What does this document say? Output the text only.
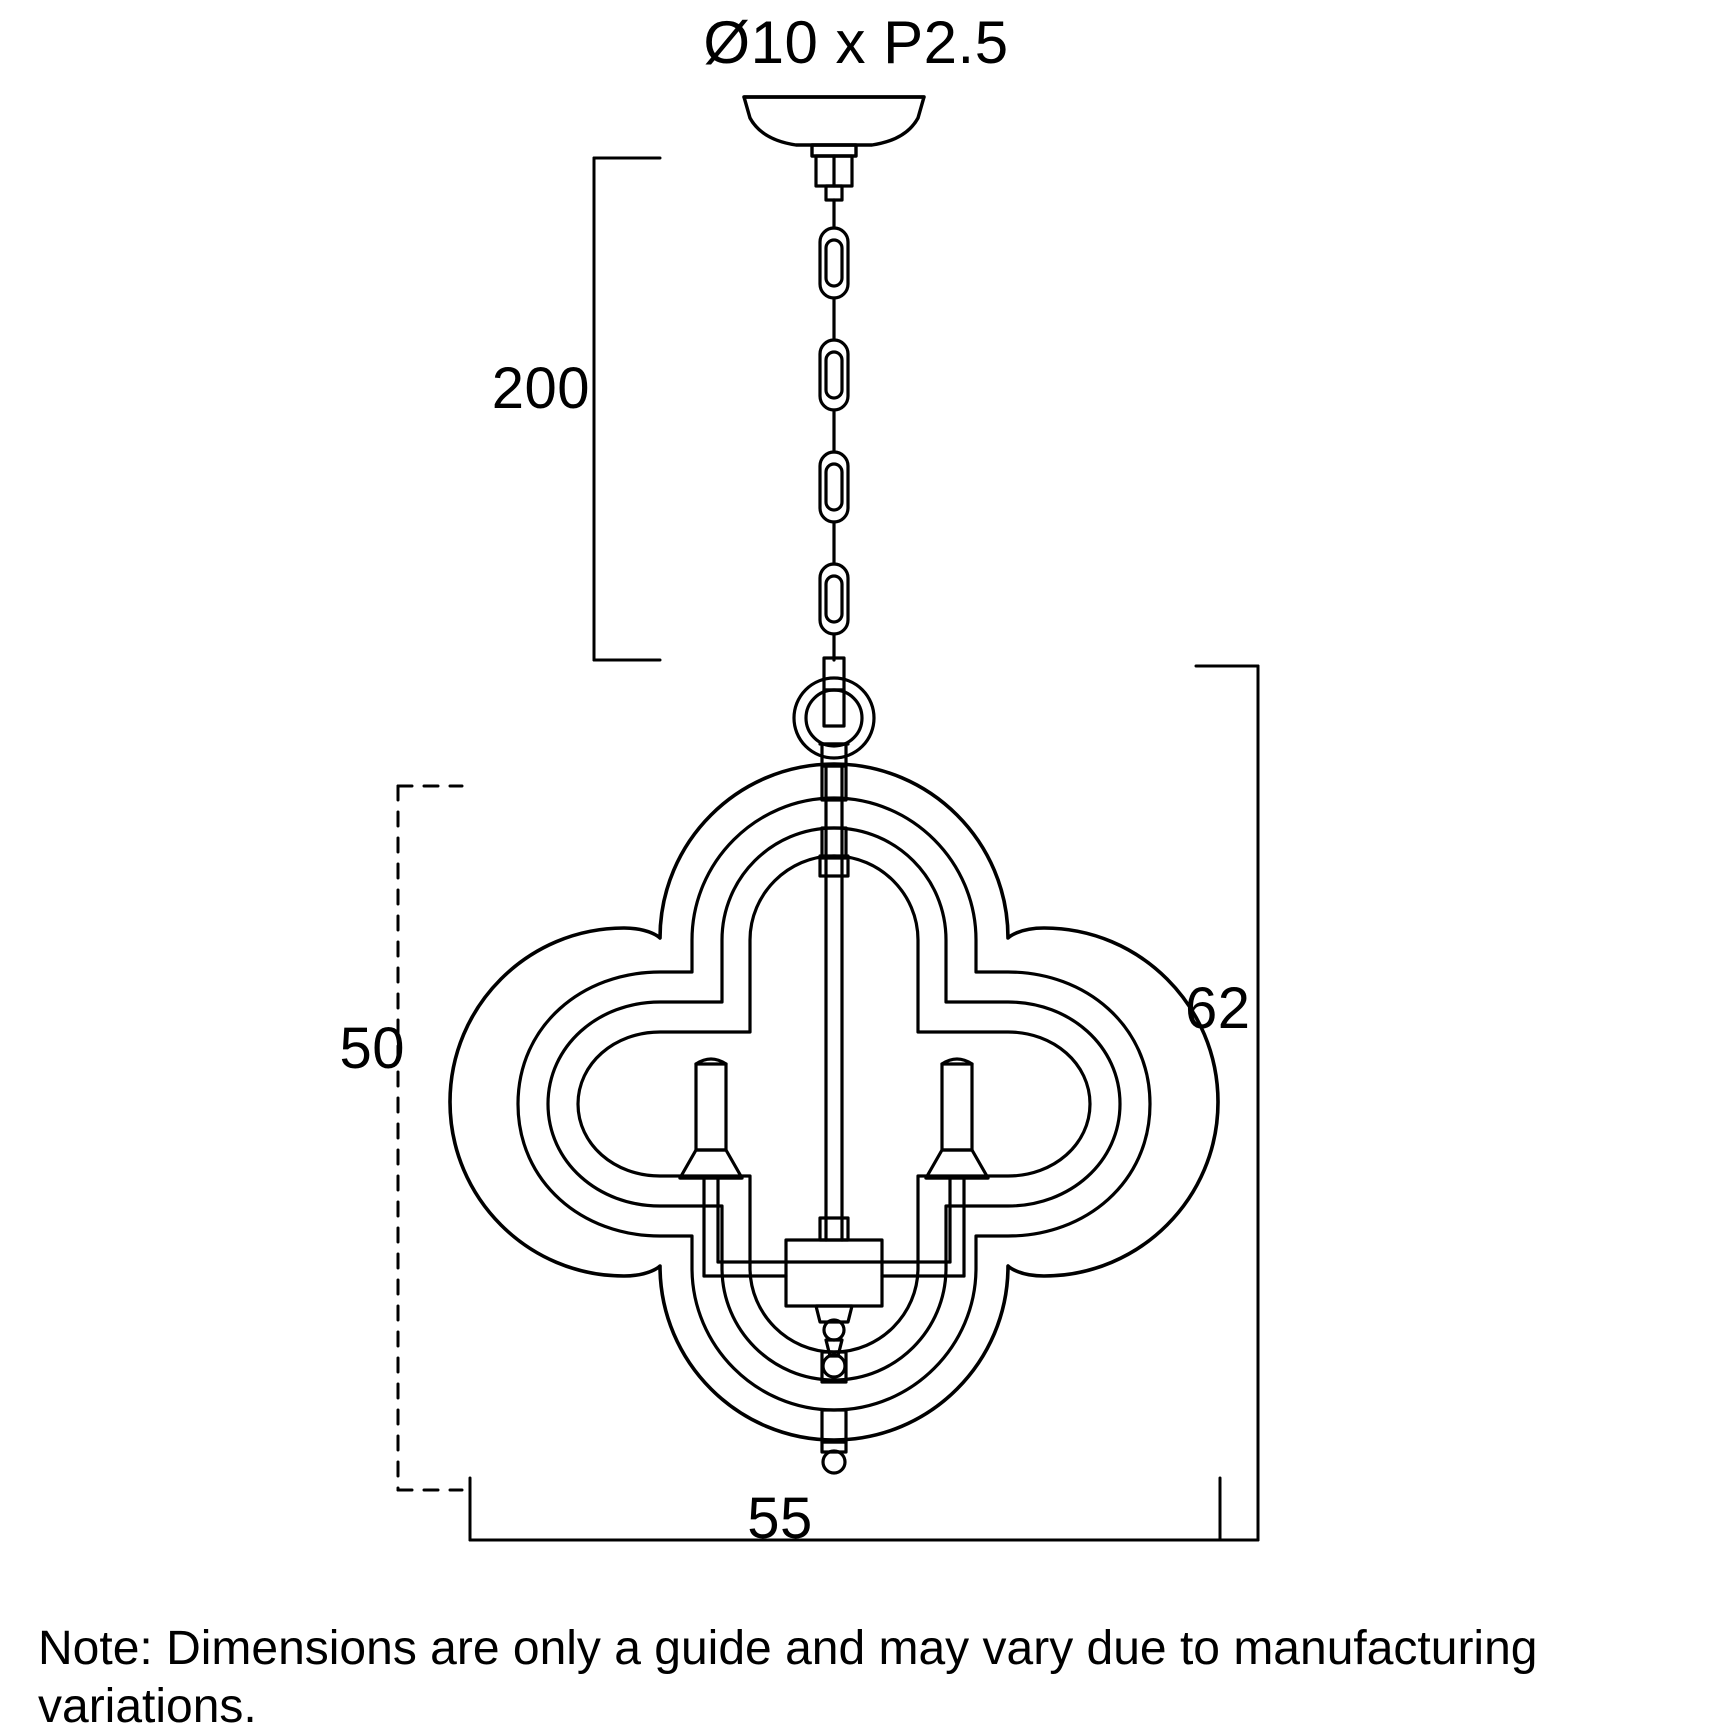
Ø10 x P2.5
200
50
62
55
Note: Dimensions are only a guide and may vary due to manufacturing variations.
